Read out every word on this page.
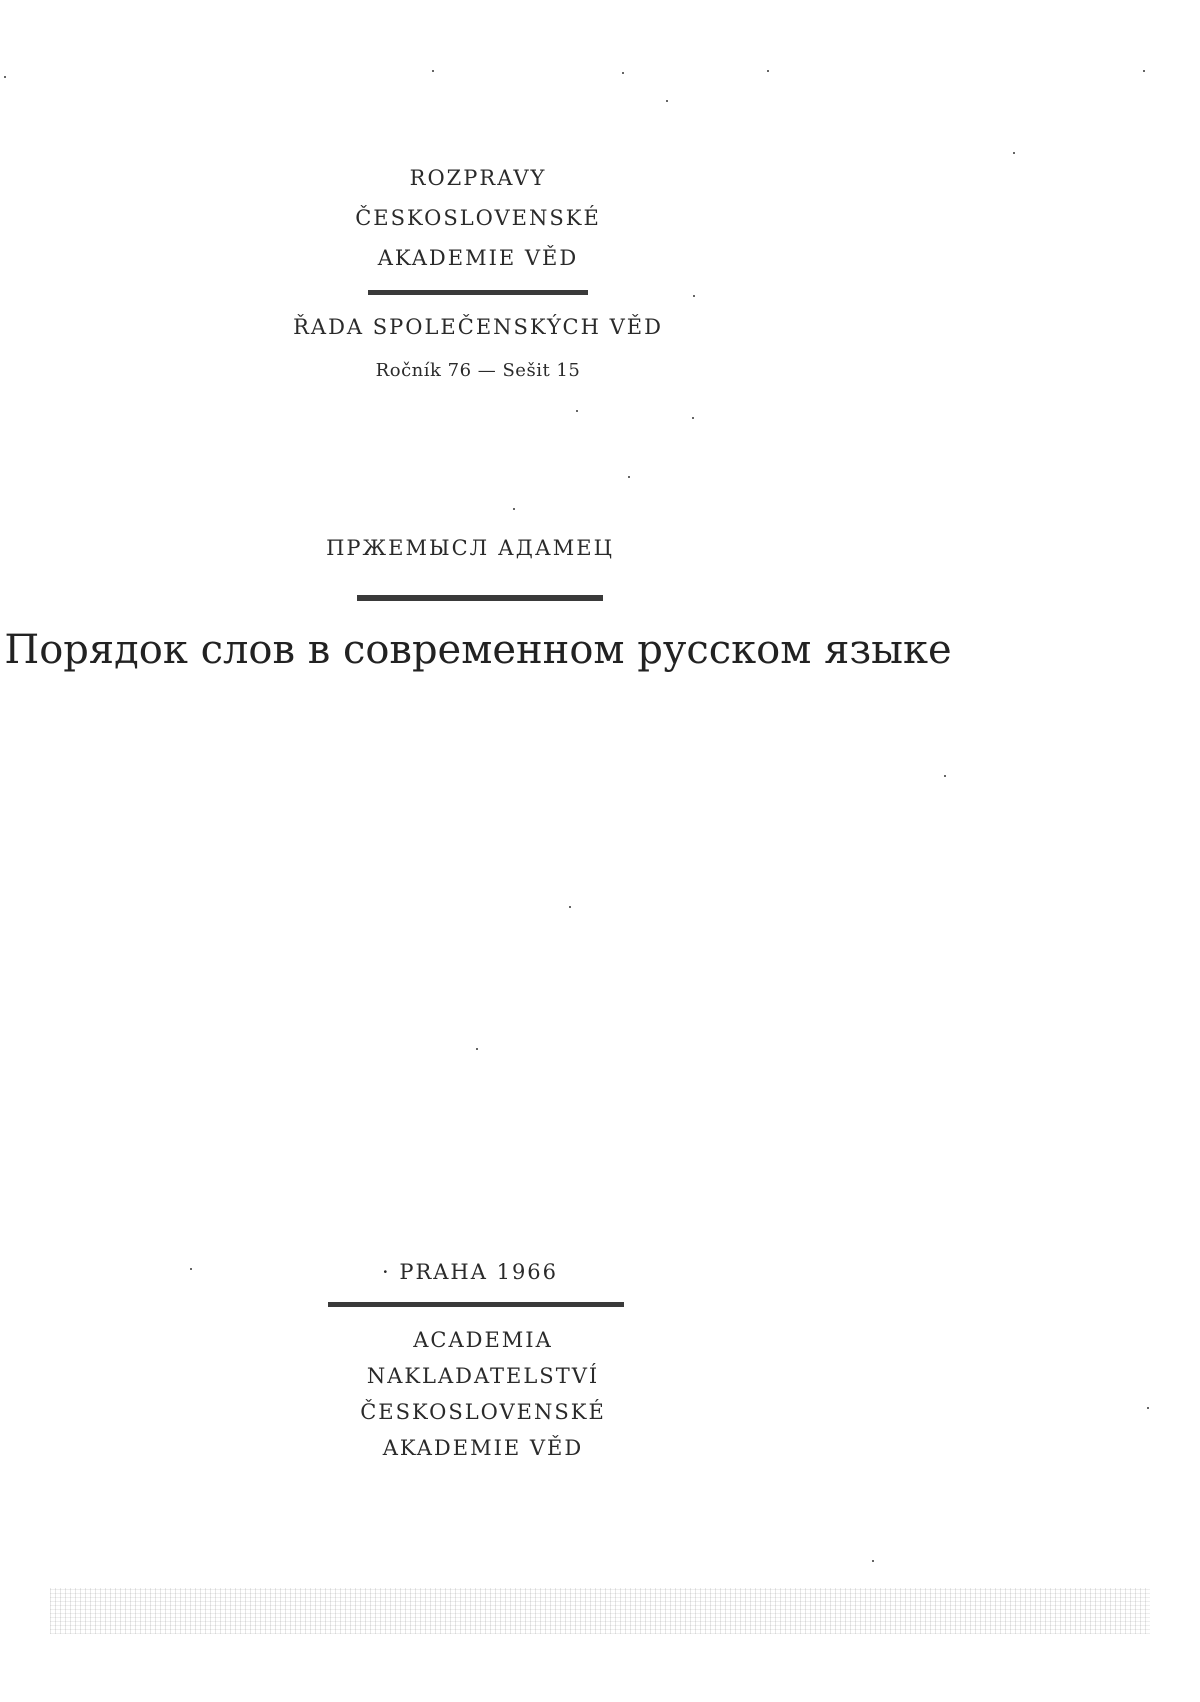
ROZPRAVY
ČESKOSLOVENSKÉ
AKADEMIE VĚD
ŘADA SPOLEČENSKÝCH VĚD
Ročník 76 — Sešit 15
ПРЖЕМЫСЛ АДАМЕЦ
Порядок слов в современном русском языке
· PRAHA 1966
ACADEMIA
NAKLADATELSTVÍ
ČESKOSLOVENSKÉ
AKADEMIE VĚD
